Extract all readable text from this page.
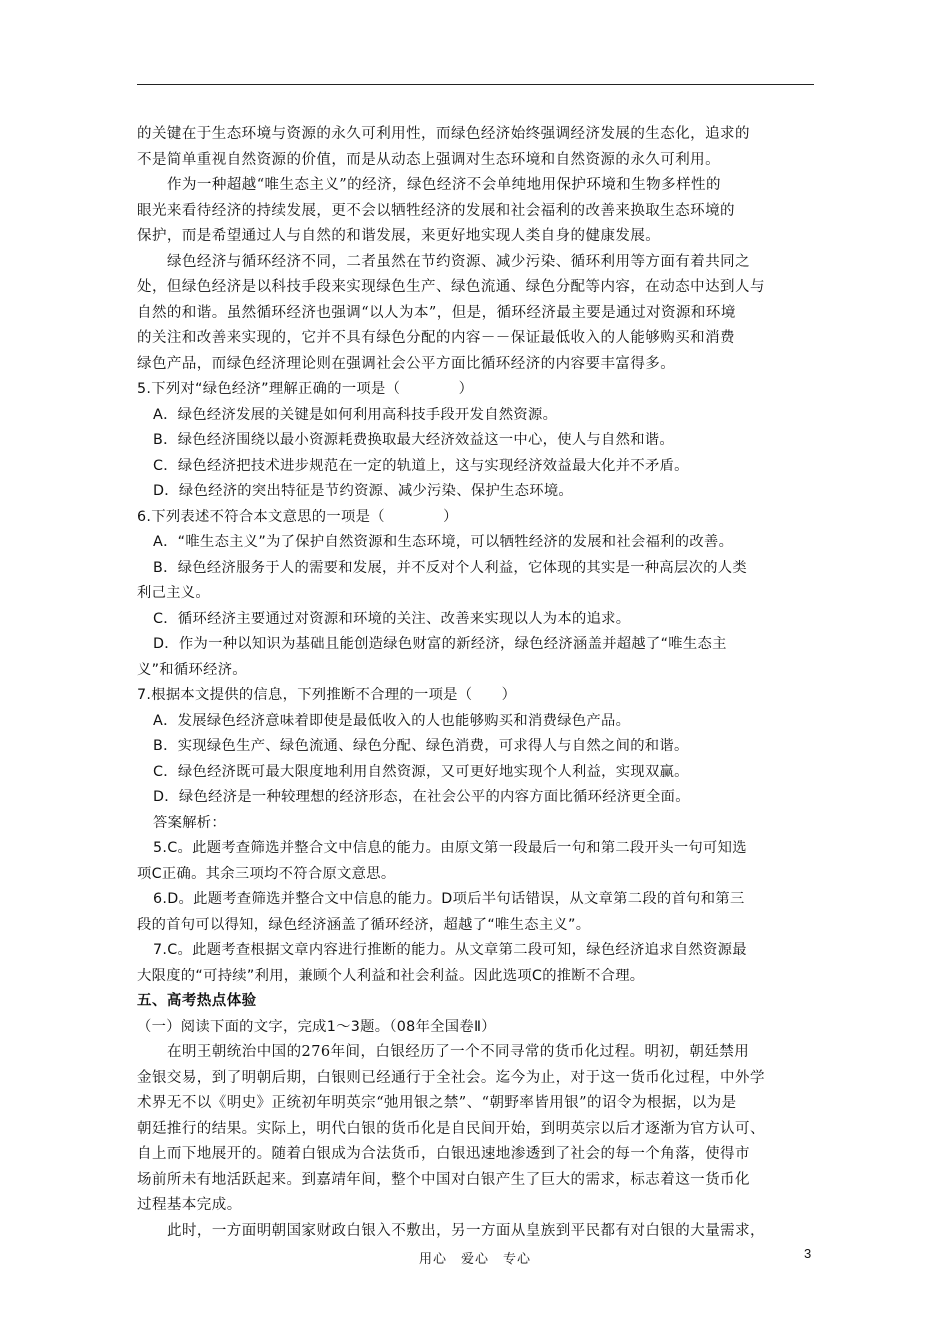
的关键在于生态环境与资源的永久可利用性，而绿色经济始终强调经济发展的生态化，追求的

不是简单重视自然资源的价值，而是从动态上强调对生态环境和自然资源的永久可利用。

作为一种超越“唯生态主义”的经济，绿色经济不会单纯地用保护环境和生物多样性的

眼光来看待经济的持续发展，更不会以牺牲经济的发展和社会福利的改善来换取生态环境的

保护，而是希望通过人与自然的和谐发展，来更好地实现人类自身的健康发展。

绿色经济与循环经济不同，二者虽然在节约资源、减少污染、循环利用等方面有着共同之

处，但绿色经济是以科技手段来实现绿色生产、绿色流通、绿色分配等内容，在动态中达到人与

自然的和谐。虽然循环经济也强调“以人为本”，但是，循环经济最主要是通过对资源和环境

的关注和改善来实现的，它并不具有绿色分配的内容－－保证最低收入的人能够购买和消费

绿色产品，而绿色经济理论则在强调社会公平方面比循环经济的内容要丰富得多。

5.下列对“绿色经济”理解正确的一项是（　　　　）

A．绿色经济发展的关键是如何利用高科技手段开发自然资源。

B．绿色经济围绕以最小资源耗费换取最大经济效益这一中心，使人与自然和谐。

C．绿色经济把技术进步规范在一定的轨道上，这与实现经济效益最大化并不矛盾。

D．绿色经济的突出特征是节约资源、减少污染、保护生态环境。

6.下列表述不符合本文意思的一项是（　　　　）

A．“唯生态主义”为了保护自然资源和生态环境，可以牺牲经济的发展和社会福利的改善。

B．绿色经济服务于人的需要和发展，并不反对个人利益，它体现的其实是一种高层次的人类

利己主义。

C．循环经济主要通过对资源和环境的关注、改善来实现以人为本的追求。

D．作为一种以知识为基础且能创造绿色财富的新经济，绿色经济涵盖并超越了“唯生态主

义”和循环经济。

7.根据本文提供的信息，下列推断不合理的一项是（　　）

A．发展绿色经济意味着即使是最低收入的人也能够购买和消费绿色产品。

B．实现绿色生产、绿色流通、绿色分配、绿色消费，可求得人与自然之间的和谐。

C．绿色经济既可最大限度地利用自然资源，又可更好地实现个人利益，实现双赢。

D．绿色经济是一种较理想的经济形态，在社会公平的内容方面比循环经济更全面。

答案解析：

5.C。此题考查筛选并整合文中信息的能力。由原文第一段最后一句和第二段开头一句可知选

项C正确。其余三项均不符合原文意思。

6.D。此题考查筛选并整合文中信息的能力。D项后半句话错误，从文章第二段的首句和第三

段的首句可以得知，绿色经济涵盖了循环经济，超越了“唯生态主义”。

7.C。此题考查根据文章内容进行推断的能力。从文章第二段可知，绿色经济追求自然资源最

大限度的“可持续”利用，兼顾个人利益和社会利益。因此选项C的推断不合理。

五、高考热点体验

（一）阅读下面的文字，完成1～3题。（08年全国卷Ⅱ）

在明王朝统治中国的276年间，白银经历了一个不同寻常的货币化过程。明初，朝廷禁用

金银交易，到了明朝后期，白银则已经通行于全社会。迄今为止，对于这一货币化过程，中外学

术界无不以《明史》正统初年明英宗“弛用银之禁”、“朝野率皆用银”的诏令为根据，以为是

朝廷推行的结果。实际上，明代白银的货币化是自民间开始，到明英宗以后才逐渐为官方认可、

自上而下地展开的。随着白银成为合法货币，白银迅速地渗透到了社会的每一个角落，使得市

场前所未有地活跃起来。到嘉靖年间，整个中国对白银产生了巨大的需求，标志着这一货币化

过程基本完成。

此时，一方面明朝国家财政白银入不敷出，另一方面从皇族到平民都有对白银的大量需求，

用心　爱心　专心	3
